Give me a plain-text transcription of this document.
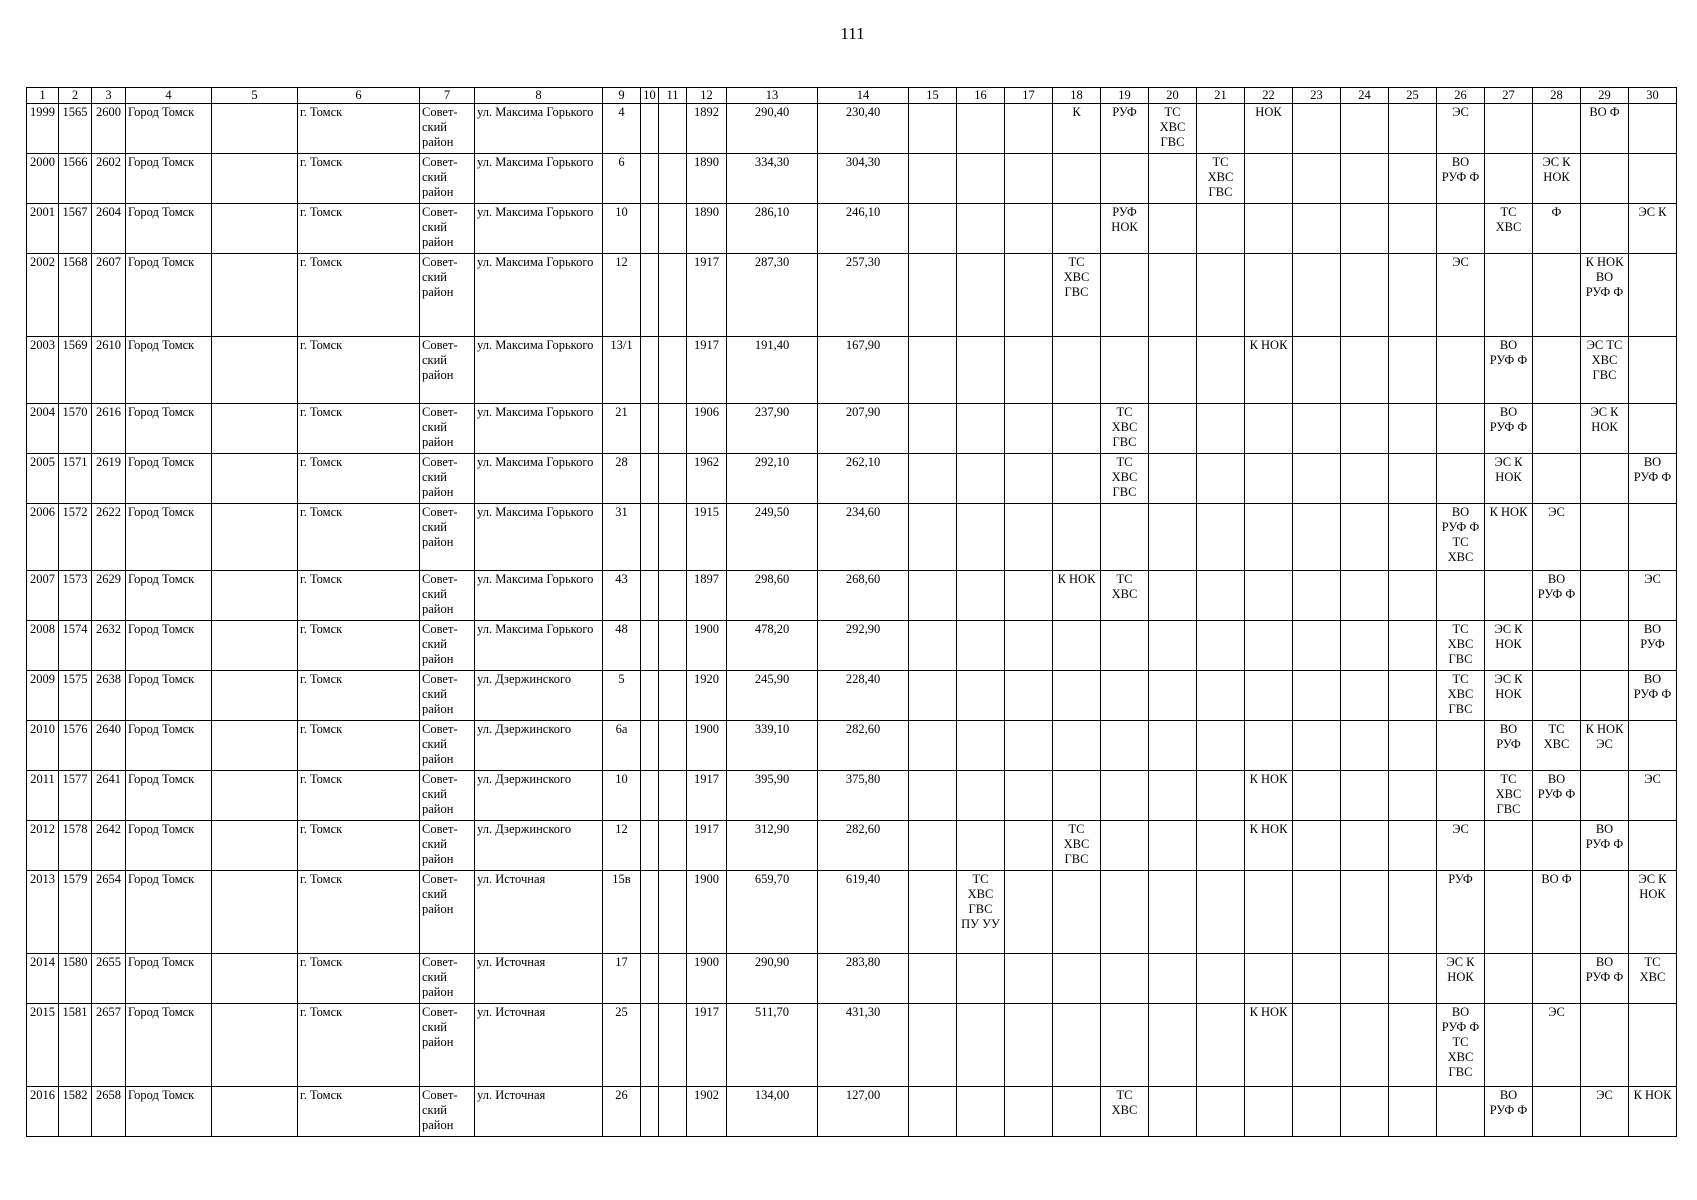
111
1	2	3	4	5	6	7	8	9	10	11	12	13	14	15	16	17	18	19	20	21	22	23	24	25	26	27	28	29	30
1999	1565	2600	Город Томск		г. Томск	Совет-ский район	ул. Максима Горького	4			1892	290,40	230,40				К	РУФ	ТС ХВС ГВС		НОК				ЭС			ВО Ф	
2000	1566	2602	Город Томск		г. Томск	Совет-ский район	ул. Максима Горького	6			1890	334,30	304,30							ТС ХВС ГВС					ВО РУФ Ф		ЭС К НОК		
2001	1567	2604	Город Томск		г. Томск	Совет-ский район	ул. Максима Горького	10			1890	286,10	246,10					РУФ НОК								ТС ХВС	Ф		ЭС К
2002	1568	2607	Город Томск		г. Томск	Совет-ский район	ул. Максима Горького	12			1917	287,30	257,30				ТС ХВС ГВС								ЭС			К НОК ВО РУФ Ф	
2003	1569	2610	Город Томск		г. Томск	Совет-ский район	ул. Максима Горького	13/1			1917	191,40	167,90								К НОК					ВО РУФ Ф		ЭС ТС ХВС ГВС	
2004	1570	2616	Город Томск		г. Томск	Совет-ский район	ул. Максима Горького	21			1906	237,90	207,90					ТС ХВС ГВС								ВО РУФ Ф		ЭС К НОК	
2005	1571	2619	Город Томск		г. Томск	Совет-ский район	ул. Максима Горького	28			1962	292,10	262,10					ТС ХВС ГВС								ЭС К НОК			ВО РУФ Ф
2006	1572	2622	Город Томск		г. Томск	Совет-ский район	ул. Максима Горького	31			1915	249,50	234,60												ВО РУФ Ф ТС ХВС	К НОК	ЭС		
2007	1573	2629	Город Томск		г. Томск	Совет-ский район	ул. Максима Горького	43			1897	298,60	268,60				К НОК	ТС ХВС									ВО РУФ Ф		ЭС
2008	1574	2632	Город Томск		г. Томск	Совет-ский район	ул. Максима Горького	48			1900	478,20	292,90												ТС ХВС ГВС	ЭС К НОК			ВО РУФ
2009	1575	2638	Город Томск		г. Томск	Совет-ский район	ул. Дзержинского	5			1920	245,90	228,40												ТС ХВС ГВС	ЭС К НОК			ВО РУФ Ф
2010	1576	2640	Город Томск		г. Томск	Совет-ский район	ул. Дзержинского	6а			1900	339,10	282,60													ВО РУФ	ТС ХВС	К НОК ЭС	
2011	1577	2641	Город Томск		г. Томск	Совет-ский район	ул. Дзержинского	10			1917	395,90	375,80								К НОК					ТС ХВС ГВС	ВО РУФ Ф		ЭС
2012	1578	2642	Город Томск		г. Томск	Совет-ский район	ул. Дзержинского	12			1917	312,90	282,60				ТС ХВС ГВС				К НОК				ЭС			ВО РУФ Ф	
2013	1579	2654	Город Томск		г. Томск	Совет-ский район	ул. Источная	15в			1900	659,70	619,40		ТС ХВС ГВС ПУ УУ										РУФ		ВО Ф		ЭС К НОК
2014	1580	2655	Город Томск		г. Томск	Совет-ский район	ул. Источная	17			1900	290,90	283,80												ЭС К НОК			ВО РУФ Ф	ТС ХВС
2015	1581	2657	Город Томск		г. Томск	Совет-ский район	ул. Источная	25			1917	511,70	431,30								К НОК				ВО РУФ Ф ТС ХВС ГВС		ЭС		
2016	1582	2658	Город Томск		г. Томск	Совет-ский район	ул. Источная	26			1902	134,00	127,00					ТС ХВС								ВО РУФ Ф		ЭС	К НОК
